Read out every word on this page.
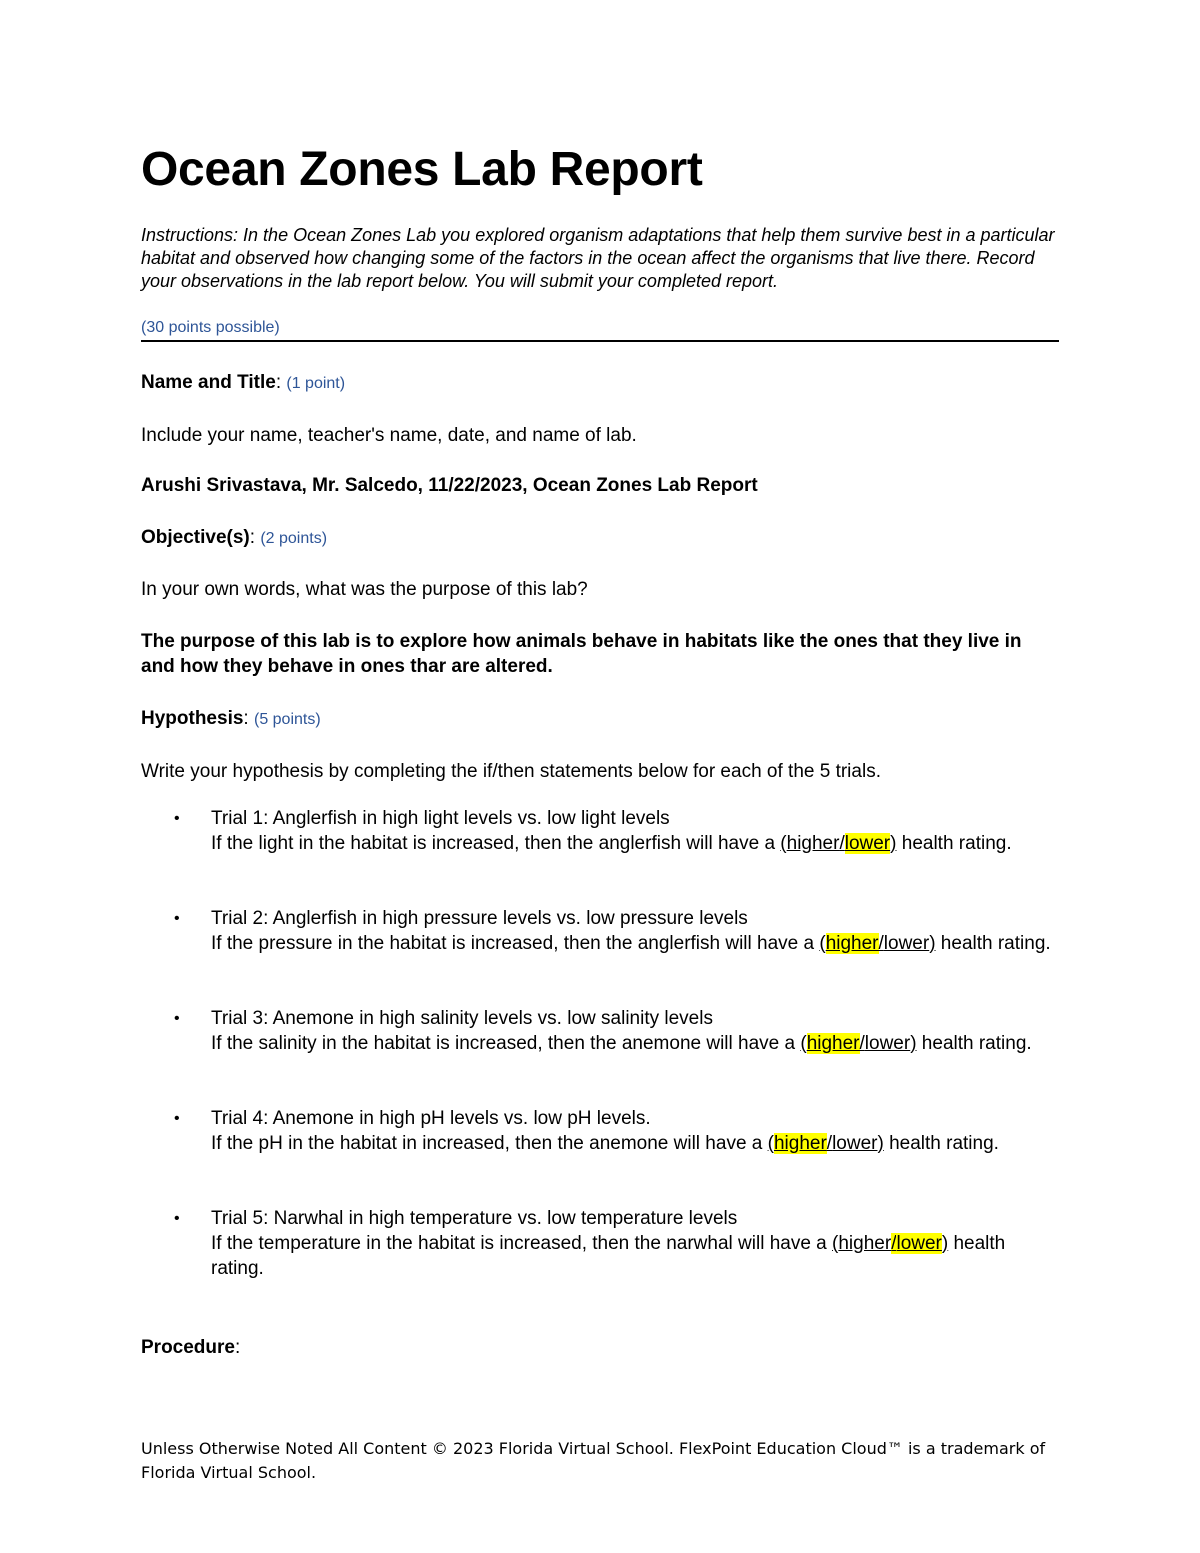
Ocean Zones Lab Report

Instructions: In the Ocean Zones Lab you explored organism adaptations that help them survive best in a particular habitat and observed how changing some of the factors in the ocean affect the organisms that live there. Record your observations in the lab report below. You will submit your completed report.

(30 points possible)

Name and Title: (1 point)

Include your name, teacher's name, date, and name of lab.

Arushi Srivastava, Mr. Salcedo, 11/22/2023, Ocean Zones Lab Report

Objective(s): (2 points)

In your own words, what was the purpose of this lab?

The purpose of this lab is to explore how animals behave in habitats like the ones that they live in and how they behave in ones thar are altered.

Hypothesis: (5 points)

Write your hypothesis by completing the if/then statements below for each of the 5 trials.

• Trial 1: Anglerfish in high light levels vs. low light levels
If the light in the habitat is increased, then the anglerfish will have a (higher/lower) health rating.
• Trial 2: Anglerfish in high pressure levels vs. low pressure levels
If the pressure in the habitat is increased, then the anglerfish will have a (higher/lower) health rating.
• Trial 3: Anemone in high salinity levels vs. low salinity levels
If the salinity in the habitat is increased, then the anemone will have a (higher/lower) health rating.
• Trial 4: Anemone in high pH levels vs. low pH levels.
If the pH in the habitat in increased, then the anemone will have a (higher/lower) health rating.
• Trial 5: Narwhal in high temperature vs. low temperature levels
If the temperature in the habitat is increased, then the narwhal will have a (higher/lower) health rating.

Procedure:

Unless Otherwise Noted All Content © 2023 Florida Virtual School. FlexPoint Education Cloud™ is a trademark of Florida Virtual School.
